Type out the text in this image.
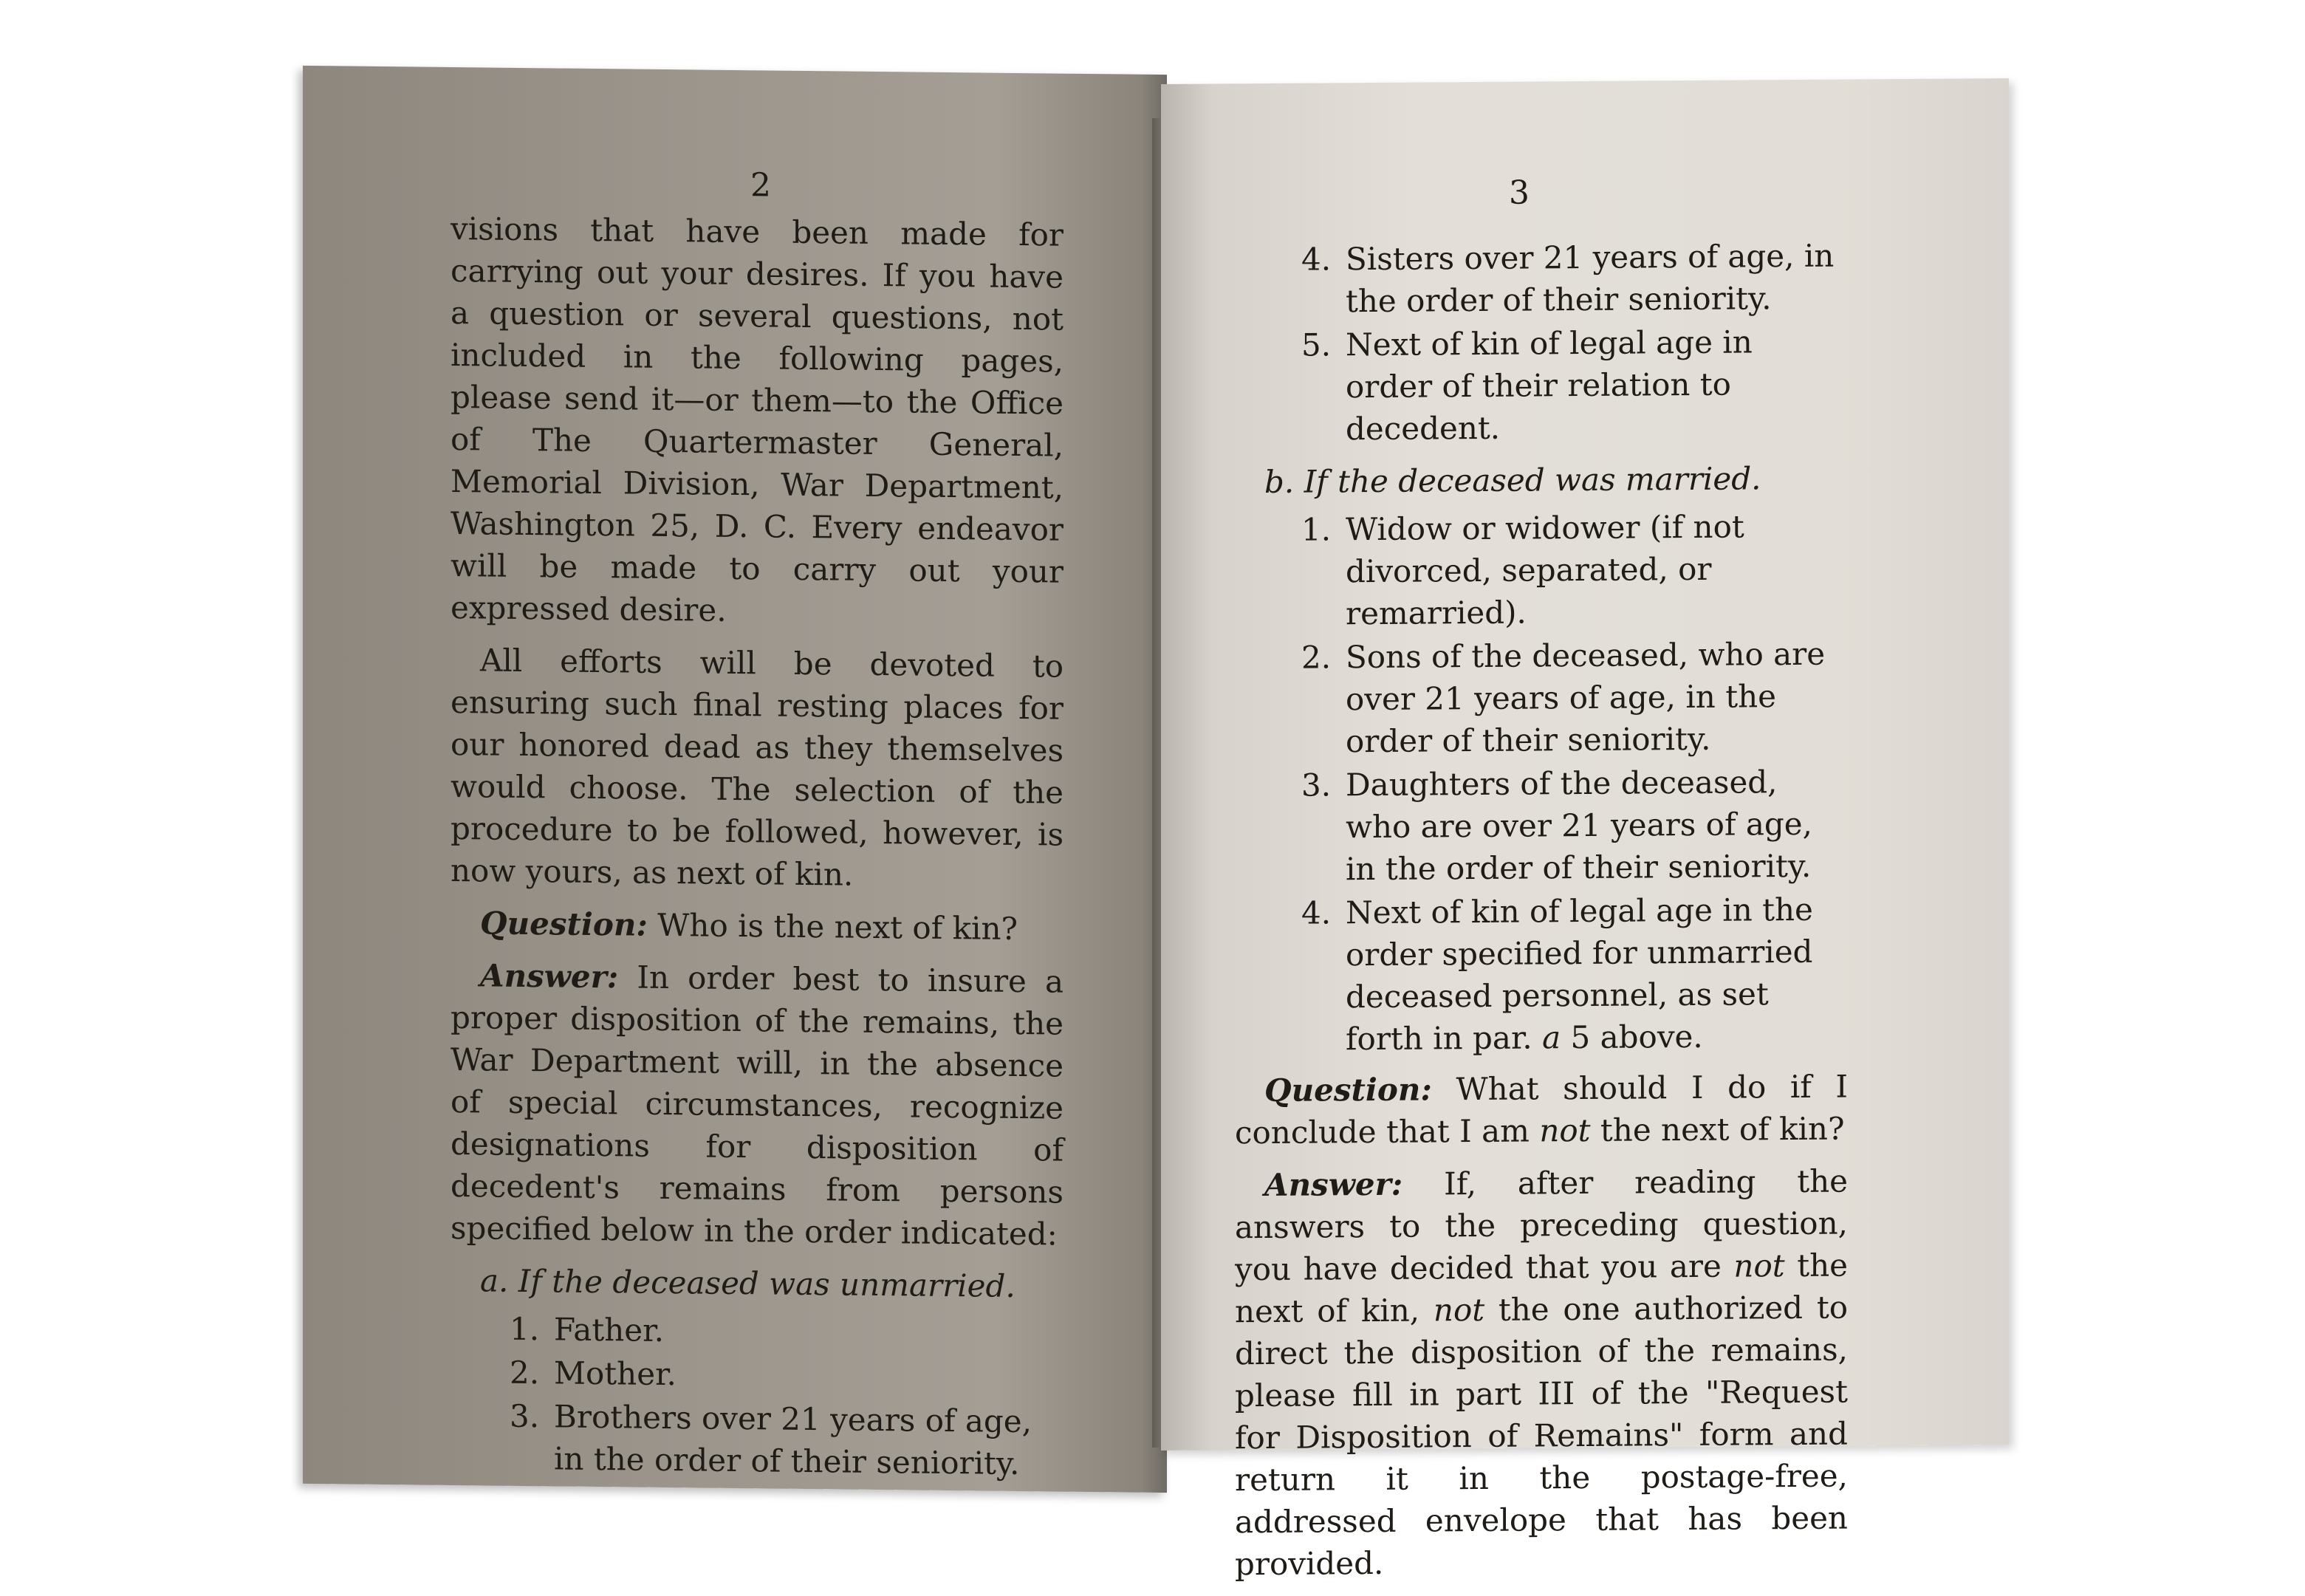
2

visions that have been made for carrying out your desires. If you have a question or several questions, not included in the following pages, please send it—or them—to the Office of The Quartermaster General, Memorial Division, War Department, Washington 25, D. C. Every endeavor will be made to carry out your expressed desire.

All efforts will be devoted to ensuring such final resting places for our honored dead as they themselves would choose. The selection of the procedure to be followed, however, is now yours, as next of kin.

Question: Who is the next of kin?

Answer: In order best to insure a proper disposition of the remains, the War Department will, in the absence of special circumstances, recognize designations for disposition of decedent's remains from persons specified below in the order indicated:

a. If the deceased was unmarried.
1. Father.
2. Mother.
3. Brothers over 21 years of age, in the order of their seniority.
3
4. Sisters over 21 years of age, in the order of their seniority.
5. Next of kin of legal age in order of their relation to decedent.
b. If the deceased was married.
1. Widow or widower (if not divorced, separated, or remarried).
2. Sons of the deceased, who are over 21 years of age, in the order of their seniority.
3. Daughters of the deceased, who are over 21 years of age, in the order of their seniority.
4. Next of kin of legal age in the order specified for unmarried deceased personnel, as set forth in par. a 5 above.

Question: What should I do if I conclude that I am not the next of kin?

Answer: If, after reading the answers to the preceding question, you have decided that you are not the next of kin, not the one authorized to direct the disposition of the remains, please fill in part III of the "Request for Disposition of Remains" form and return it in the postage-free, addressed envelope that has been provided.
